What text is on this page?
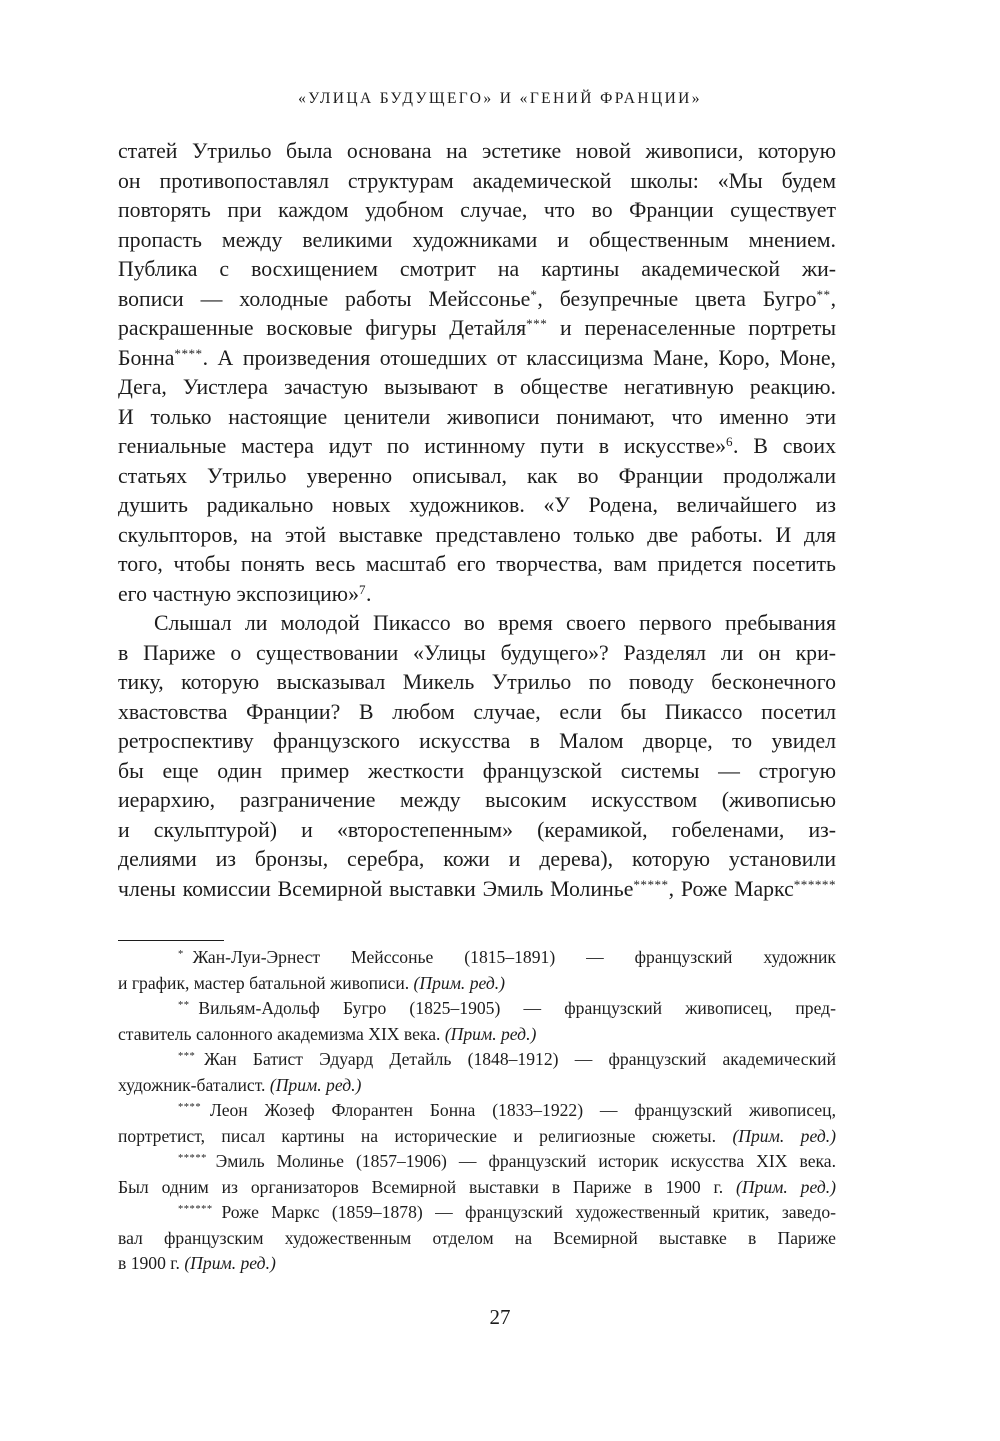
«УЛИЦА БУДУЩЕГО» И «ГЕНИЙ ФРАНЦИИ»
статей Утрильо была основана на эстетике новой живописи, которую
он противопоставлял структурам академической школы: «Мы будем
повторять при каждом удобном случае, что во Франции существует
пропасть между великими художниками и общественным мнением.
Публика с восхищением смотрит на картины академической жи-
вописи — холодные работы Мейссонье*, безупречные цвета Бугро**,
раскрашенные восковые фигуры Детайля*** и перенаселенные портреты
Бонна****. А произведения отошедших от классицизма Мане, Коро, Моне,
Дега, Уистлера зачастую вызывают в обществе негативную реакцию.
И только настоящие ценители живописи понимают, что именно эти
гениальные мастера идут по истинному пути в искусстве»$^6$. В своих
статьях Утрильо уверенно описывал, как во Франции продолжали
душить радикально новых художников. «У Родена, величайшего из
скульпторов, на этой выставке представлено только две работы. И для
того, чтобы понять весь масштаб его творчества, вам придется посетить
его частную экспозицию»$^7$.
Слышал ли молодой Пикассо во время своего первого пребывания
в Париже о существовании «Улицы будущего»? Разделял ли он кри-
тику, которую высказывал Микель Утрильо по поводу бесконечного
хвастовства Франции? В любом случае, если бы Пикассо посетил
ретроспективу французского искусства в Малом дворце, то увидел
бы еще один пример жесткости французской системы — строгую
иерархию, разграничение между высоким искусством (живописью
и скульптурой) и «второстепенным» (керамикой, гобеленами, из-
делиями из бронзы, серебра, кожи и дерева), которую установили
члены комиссии Всемирной выставки Эмиль Молинье*****, Роже Маркс******
*  Жан-Луи-Эрнест Мейссонье (1815–1891) — французский художник
и график, мастер батальной живописи. (Прим. ред.)
**  Вильям-Адольф Бугро (1825–1905) — французский живописец, пред-
ставитель салонного академизма XIX века. (Прим. ред.)
***  Жан Батист Эдуард Детайль (1848–1912) — французский академический
художник-баталист. (Прим. ред.)
****  Леон Жозеф Флорантен Бонна (1833–1922) — французский живописец,
портретист, писал картины на исторические и религиозные сюжеты. (Прим. ред.)
*****  Эмиль Молинье (1857–1906) — французский историк искусства XIX века.
Был одним из организаторов Всемирной выставки в Париже в 1900 г. (Прим. ред.)
******  Роже Маркс (1859–1878) — французский художественный критик, заведо-
вал французским художественным отделом на Всемирной выставке в Париже
в 1900 г. (Прим. ред.)
27
